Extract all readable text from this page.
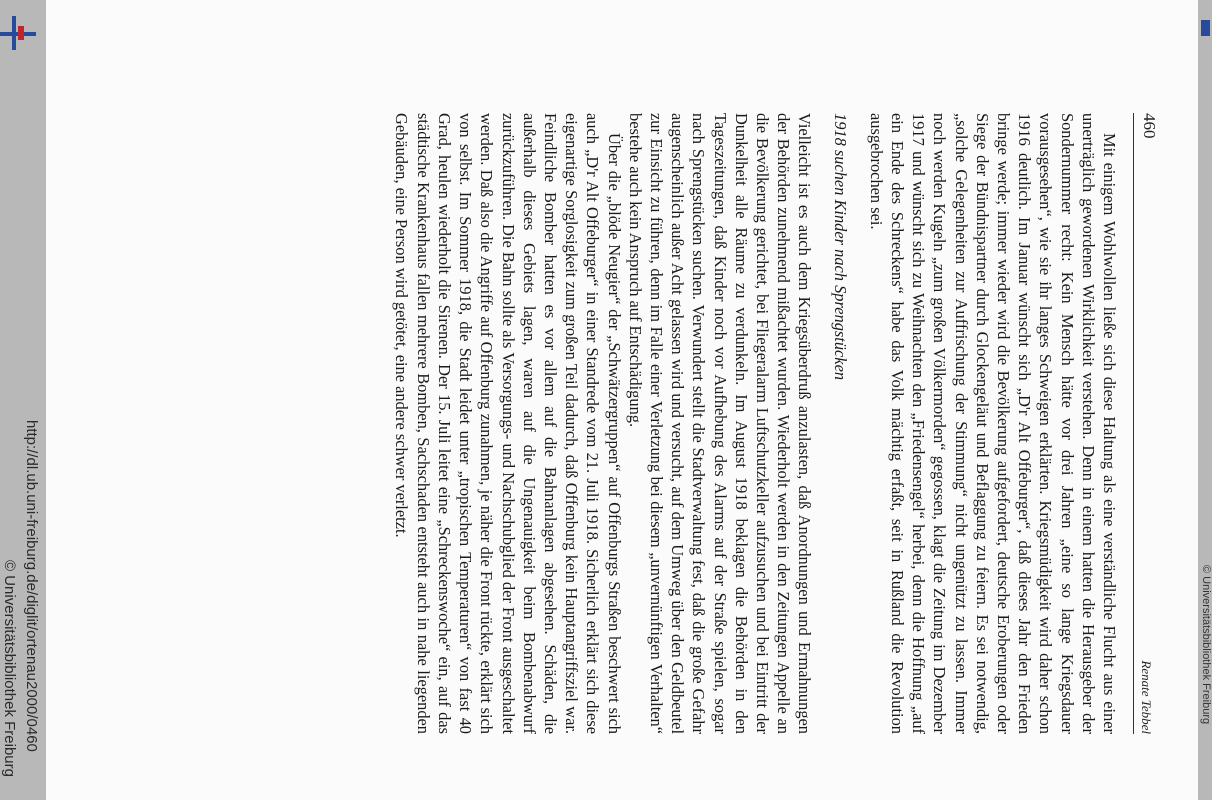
http://dl.ub.uni-freiburg.de/diglit/ortenau2000/0460
© Universitätsbibliothek Freiburg
460
Renate Tebbel

Mit einigem Wohlwollen ließe sich diese Haltung als eine verständliche Flucht aus einer unerträglich gewordenen Wirklichkeit verstehen. Denn in einem hatten die Herausgeber der Sondernummer recht: Kein Mensch hätte vor drei Jahren „eine so lange Kriegsdauer vorausgesehen“, wie sie ihr langes Schweigen erklärten. Kriegsmüdigkeit wird daher schon 1916 deutlich. Im Januar wünscht sich „D'r Alt Offeburger“, daß dieses Jahr den Frieden bringe werde; immer wieder wird die Bevölkerung aufgefordert, deutsche Eroberungen oder Siege der Bündnispartner durch Glockengeläut und Beflaggung zu feiern. Es sei notwendig, „solche Gelegenheiten zur Auffrischung der Stimmung“ nicht ungenützt zu lassen. Immer noch werden Kugeln „zum großen Völkermorden“ gegossen, klagt die Zeitung im Dezember 1917 und wünscht sich zu Weihnachten den „Friedensengel“ herbei, denn die Hoffnung „auf ein Ende des Schreckens“ habe das Volk mächtig erfaßt, seit in Rußland die Revolution ausgebrochen sei.

1918 suchen Kinder nach Sprengstücken

Vielleicht ist es auch dem Kriegsüberdruß anzulasten, daß Anordnungen und Ermahnungen der Behörden zunehmend mißachtet wurden. Wiederholt werden in den Zeitungen Appelle an die Bevölkerung gerichtet, bei Fliegeralarm Luftschutzkeller aufzusuchen und bei Eintritt der Dunkelheit alle Räume zu verdunkeln. Im August 1918 beklagen die Behörden in den Tageszeitungen, daß Kinder noch vor Aufhebung des Alarms auf der Straße spielen, sogar nach Sprengstücken suchen. Verwundert stellt die Stadtverwaltung fest, daß die große Gefahr augenscheinlich außer Acht gelassen wird und versucht, auf dem Umweg über den Geldbeutel zur Einsicht zu führen, denn im Falle einer Verletzung bei diesem „unvernünftigen Verhalten“ bestehe auch kein Anspruch auf Entschädigung.

Über die „blöde Neugier“ der „Schwätzergruppen“ auf Offenburgs Straßen beschwert sich auch „D'r Alt Offeburger“ in einer Standrede vom 21. Juli 1918. Sicherlich erklärt sich diese eigenartige Sorglosigkeit zum großen Teil dadurch, daß Offenburg kein Hauptangriffsziel war. Feindliche Bomber hatten es vor allem auf die Bahnanlagen abgesehen. Schäden, die außerhalb dieses Gebiets lagen, waren auf die Ungenauigkeit beim Bombenabwurf zurückzuführen. Die Bahn sollte als Versorgungs- und Nachschubglied der Front ausgeschaltet werden. Daß also die Angriffe auf Offenburg zunahmen, je näher die Front rückte, erklärt sich von selbst. Im Sommer 1918, die Stadt leidet unter „tropischen Temperaturen“ von fast 40 Grad, heulen wiederholt die Sirenen. Der 15. Juli leitet eine „Schreckenswoche“ ein, auf das städtische Krankenhaus fallen mehrere Bomben, Sachschaden entsteht auch in nahe liegenden Gebäuden, eine Person wird getötet, eine andere schwer verletzt.

© Universitätsbibliothek Freiburg
